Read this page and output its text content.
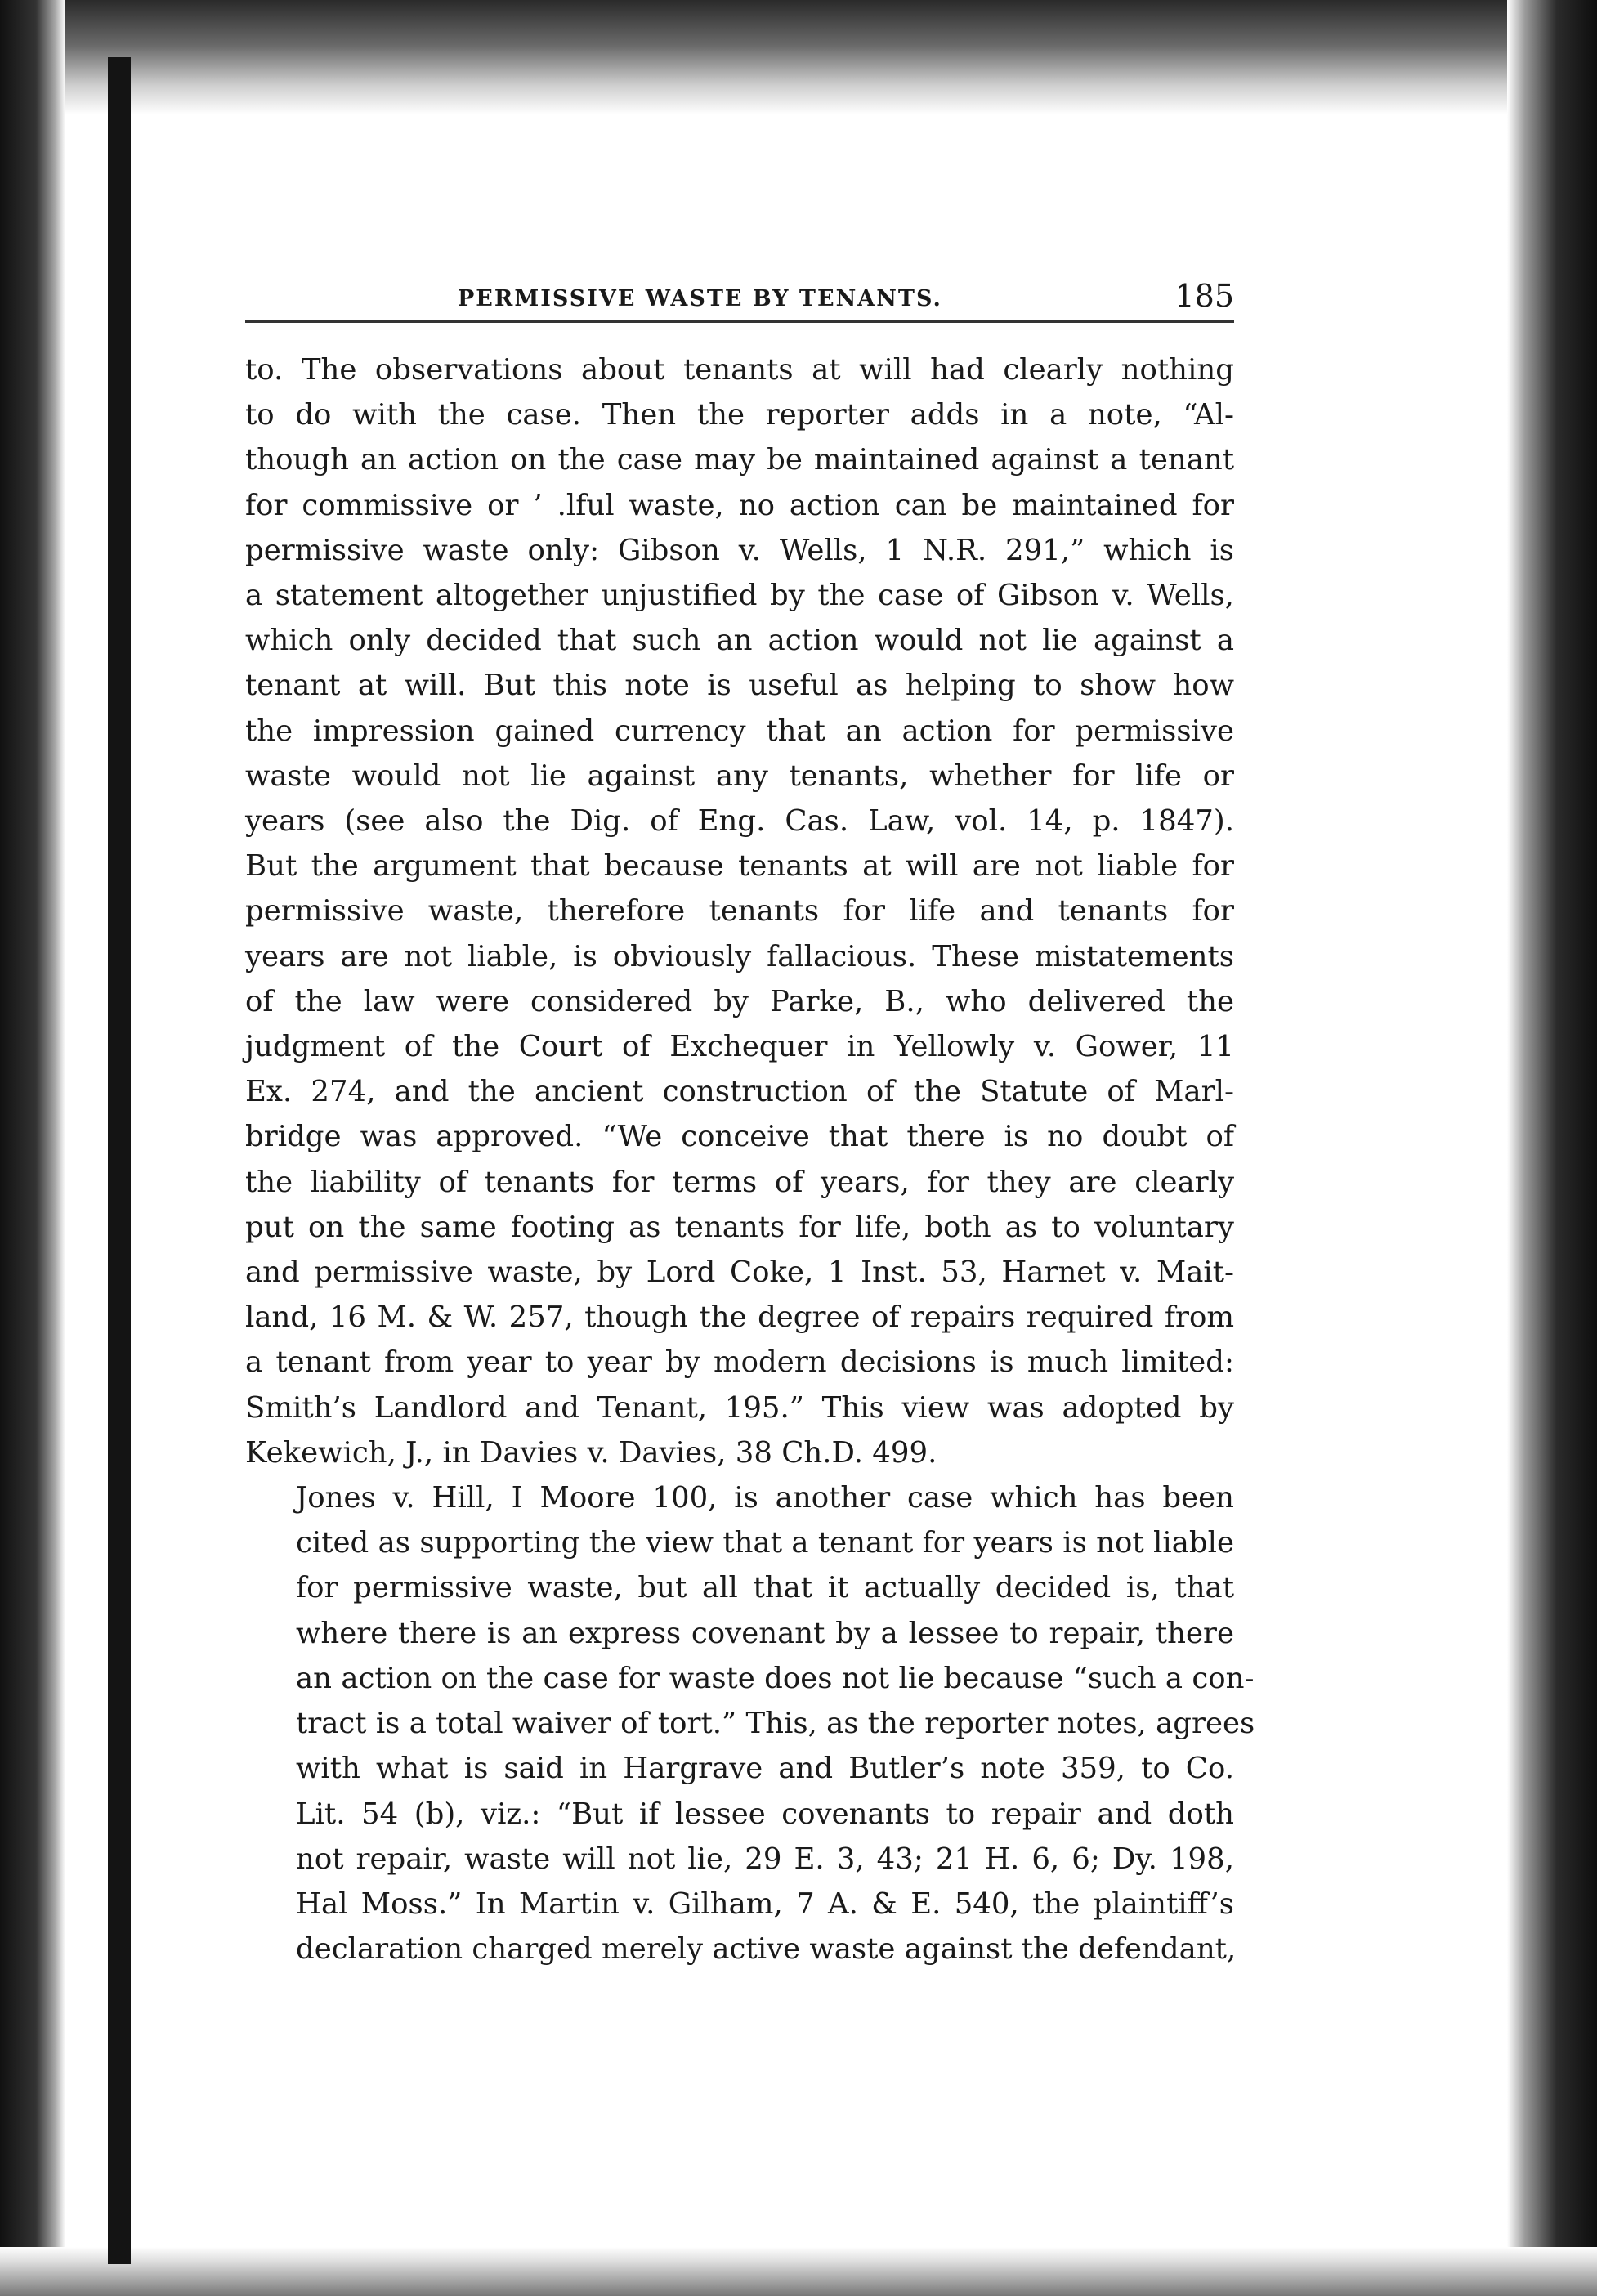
PERMISSIVE WASTE BY TENANTS.	185

to. The observations about tenants at will had clearly nothing
to do with the case. Then the reporter adds in a note, “Al-
though an action on the case may be maintained against a tenant
for commissive or ’ .lful waste, no action can be maintained for
permissive waste only: Gibson v. Wells, 1 N.R. 291,” which is
a statement altogether unjustified by the case of Gibson v. Wells,
which only decided that such an action would not lie against a
tenant at will. But this note is useful as helping to show how
the impression gained currency that an action for permissive
waste would not lie against any tenants, whether for life or
years (see also the Dig. of Eng. Cas. Law, vol. 14, p. 1847).
But the argument that because tenants at will are not liable for
permissive waste, therefore tenants for life and tenants for
years are not liable, is obviously fallacious. These mistatements
of the law were considered by Parke, B., who delivered the
judgment of the Court of Exchequer in Yellowly v. Gower, 11
Ex. 274, and the ancient construction of the Statute of Marl-
bridge was approved. “We conceive that there is no doubt of
the liability of tenants for terms of years, for they are clearly
put on the same footing as tenants for life, both as to voluntary
and permissive waste, by Lord Coke, 1 Inst. 53, Harnet v. Mait-
land, 16 M. & W. 257, though the degree of repairs required from
a tenant from year to year by modern decisions is much limited:
Smith’s Landlord and Tenant, 195.” This view was adopted by
Kekewich, J., in Davies v. Davies, 38 Ch.D. 499.

Jones v. Hill, I Moore 100, is another case which has been
cited as supporting the view that a tenant for years is not liable
for permissive waste, but all that it actually decided is, that
where there is an express covenant by a lessee to repair, there
an action on the case for waste does not lie because “such a con-
tract is a total waiver of tort.” This, as the reporter notes, agrees
with what is said in Hargrave and Butler’s note 359, to Co.
Lit. 54 (b), viz.: “But if lessee covenants to repair and doth
not repair, waste will not lie, 29 E. 3, 43; 21 H. 6, 6; Dy. 198,
Hal Moss.” In Martin v. Gilham, 7 A. & E. 540, the plaintiff’s
declaration charged merely active waste against the defendant,
